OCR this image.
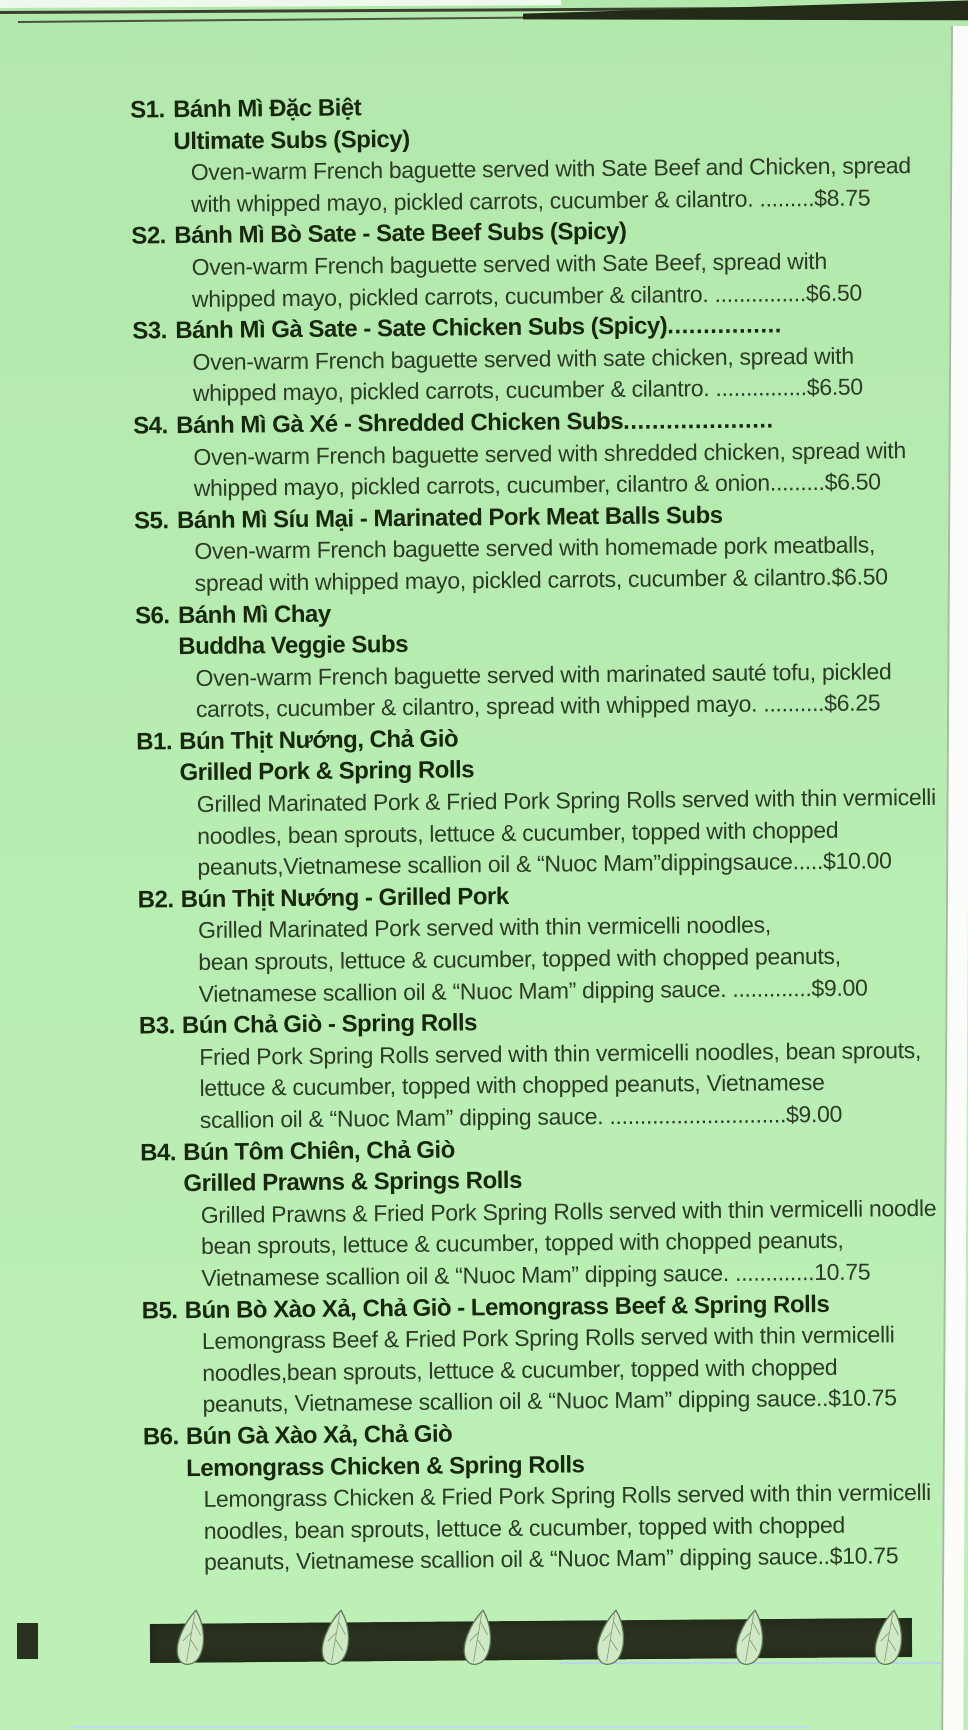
S1. Bánh Mì Đặc Biệt
Ultimate Subs (Spicy)
Oven-warm French baguette served with Sate Beef and Chicken, spread
with whipped mayo, pickled carrots, cucumber & cilantro. .........$8.75
S2. Bánh Mì Bò Sate - Sate Beef Subs (Spicy)
Oven-warm French baguette served with Sate Beef, spread with
whipped mayo, pickled carrots, cucumber & cilantro. ...............$6.50
S3. Bánh Mì Gà Sate - Sate Chicken Subs (Spicy)................
Oven-warm French baguette served with sate chicken, spread with
whipped mayo, pickled carrots, cucumber & cilantro. ...............$6.50
S4. Bánh Mì Gà Xé - Shredded Chicken Subs.....................
Oven-warm French baguette served with shredded chicken, spread with
whipped mayo, pickled carrots, cucumber, cilantro & onion.........$6.50
S5. Bánh Mì Síu Mại - Marinated Pork Meat Balls Subs
Oven-warm French baguette served with homemade pork meatballs,
spread with whipped mayo, pickled carrots, cucumber & cilantro.$6.50
S6. Bánh Mì Chay
Buddha Veggie Subs
Oven-warm French baguette served with marinated sauté tofu, pickled
carrots, cucumber & cilantro, spread with whipped mayo. ..........$6.25
B1. Bún Thịt Nướng, Chả Giò
Grilled Pork & Spring Rolls
Grilled Marinated Pork & Fried Pork Spring Rolls served with thin vermicelli
noodles, bean sprouts, lettuce & cucumber, topped with chopped
peanuts,Vietnamese scallion oil & “Nuoc Mam”dippingsauce.....$10.00
B2. Bún Thịt Nướng - Grilled Pork
Grilled Marinated Pork served with thin vermicelli noodles,
bean sprouts, lettuce & cucumber, topped with chopped peanuts,
Vietnamese scallion oil & “Nuoc Mam” dipping sauce. .............$9.00
B3. Bún Chả Giò - Spring Rolls
Fried Pork Spring Rolls served with thin vermicelli noodles, bean sprouts,
lettuce & cucumber, topped with chopped peanuts, Vietnamese
scallion oil & “Nuoc Mam” dipping sauce. .............................$9.00
B4. Bún Tôm Chiên, Chả Giò
Grilled Prawns & Springs Rolls
Grilled Prawns & Fried Pork Spring Rolls served with thin vermicelli noodle
bean sprouts, lettuce & cucumber, topped with chopped peanuts,
Vietnamese scallion oil & “Nuoc Mam” dipping sauce. .............10.75
B5. Bún Bò Xào Xả, Chả Giò - Lemongrass Beef & Spring Rolls
Lemongrass Beef & Fried Pork Spring Rolls served with thin vermicelli
noodles,bean sprouts, lettuce & cucumber, topped with chopped
peanuts, Vietnamese scallion oil & “Nuoc Mam” dipping sauce..$10.75
B6. Bún Gà Xào Xả, Chả Giò
Lemongrass Chicken & Spring Rolls
Lemongrass Chicken & Fried Pork Spring Rolls served with thin vermicelli
noodles, bean sprouts, lettuce & cucumber, topped with chopped
peanuts, Vietnamese scallion oil & “Nuoc Mam” dipping sauce..$10.75
